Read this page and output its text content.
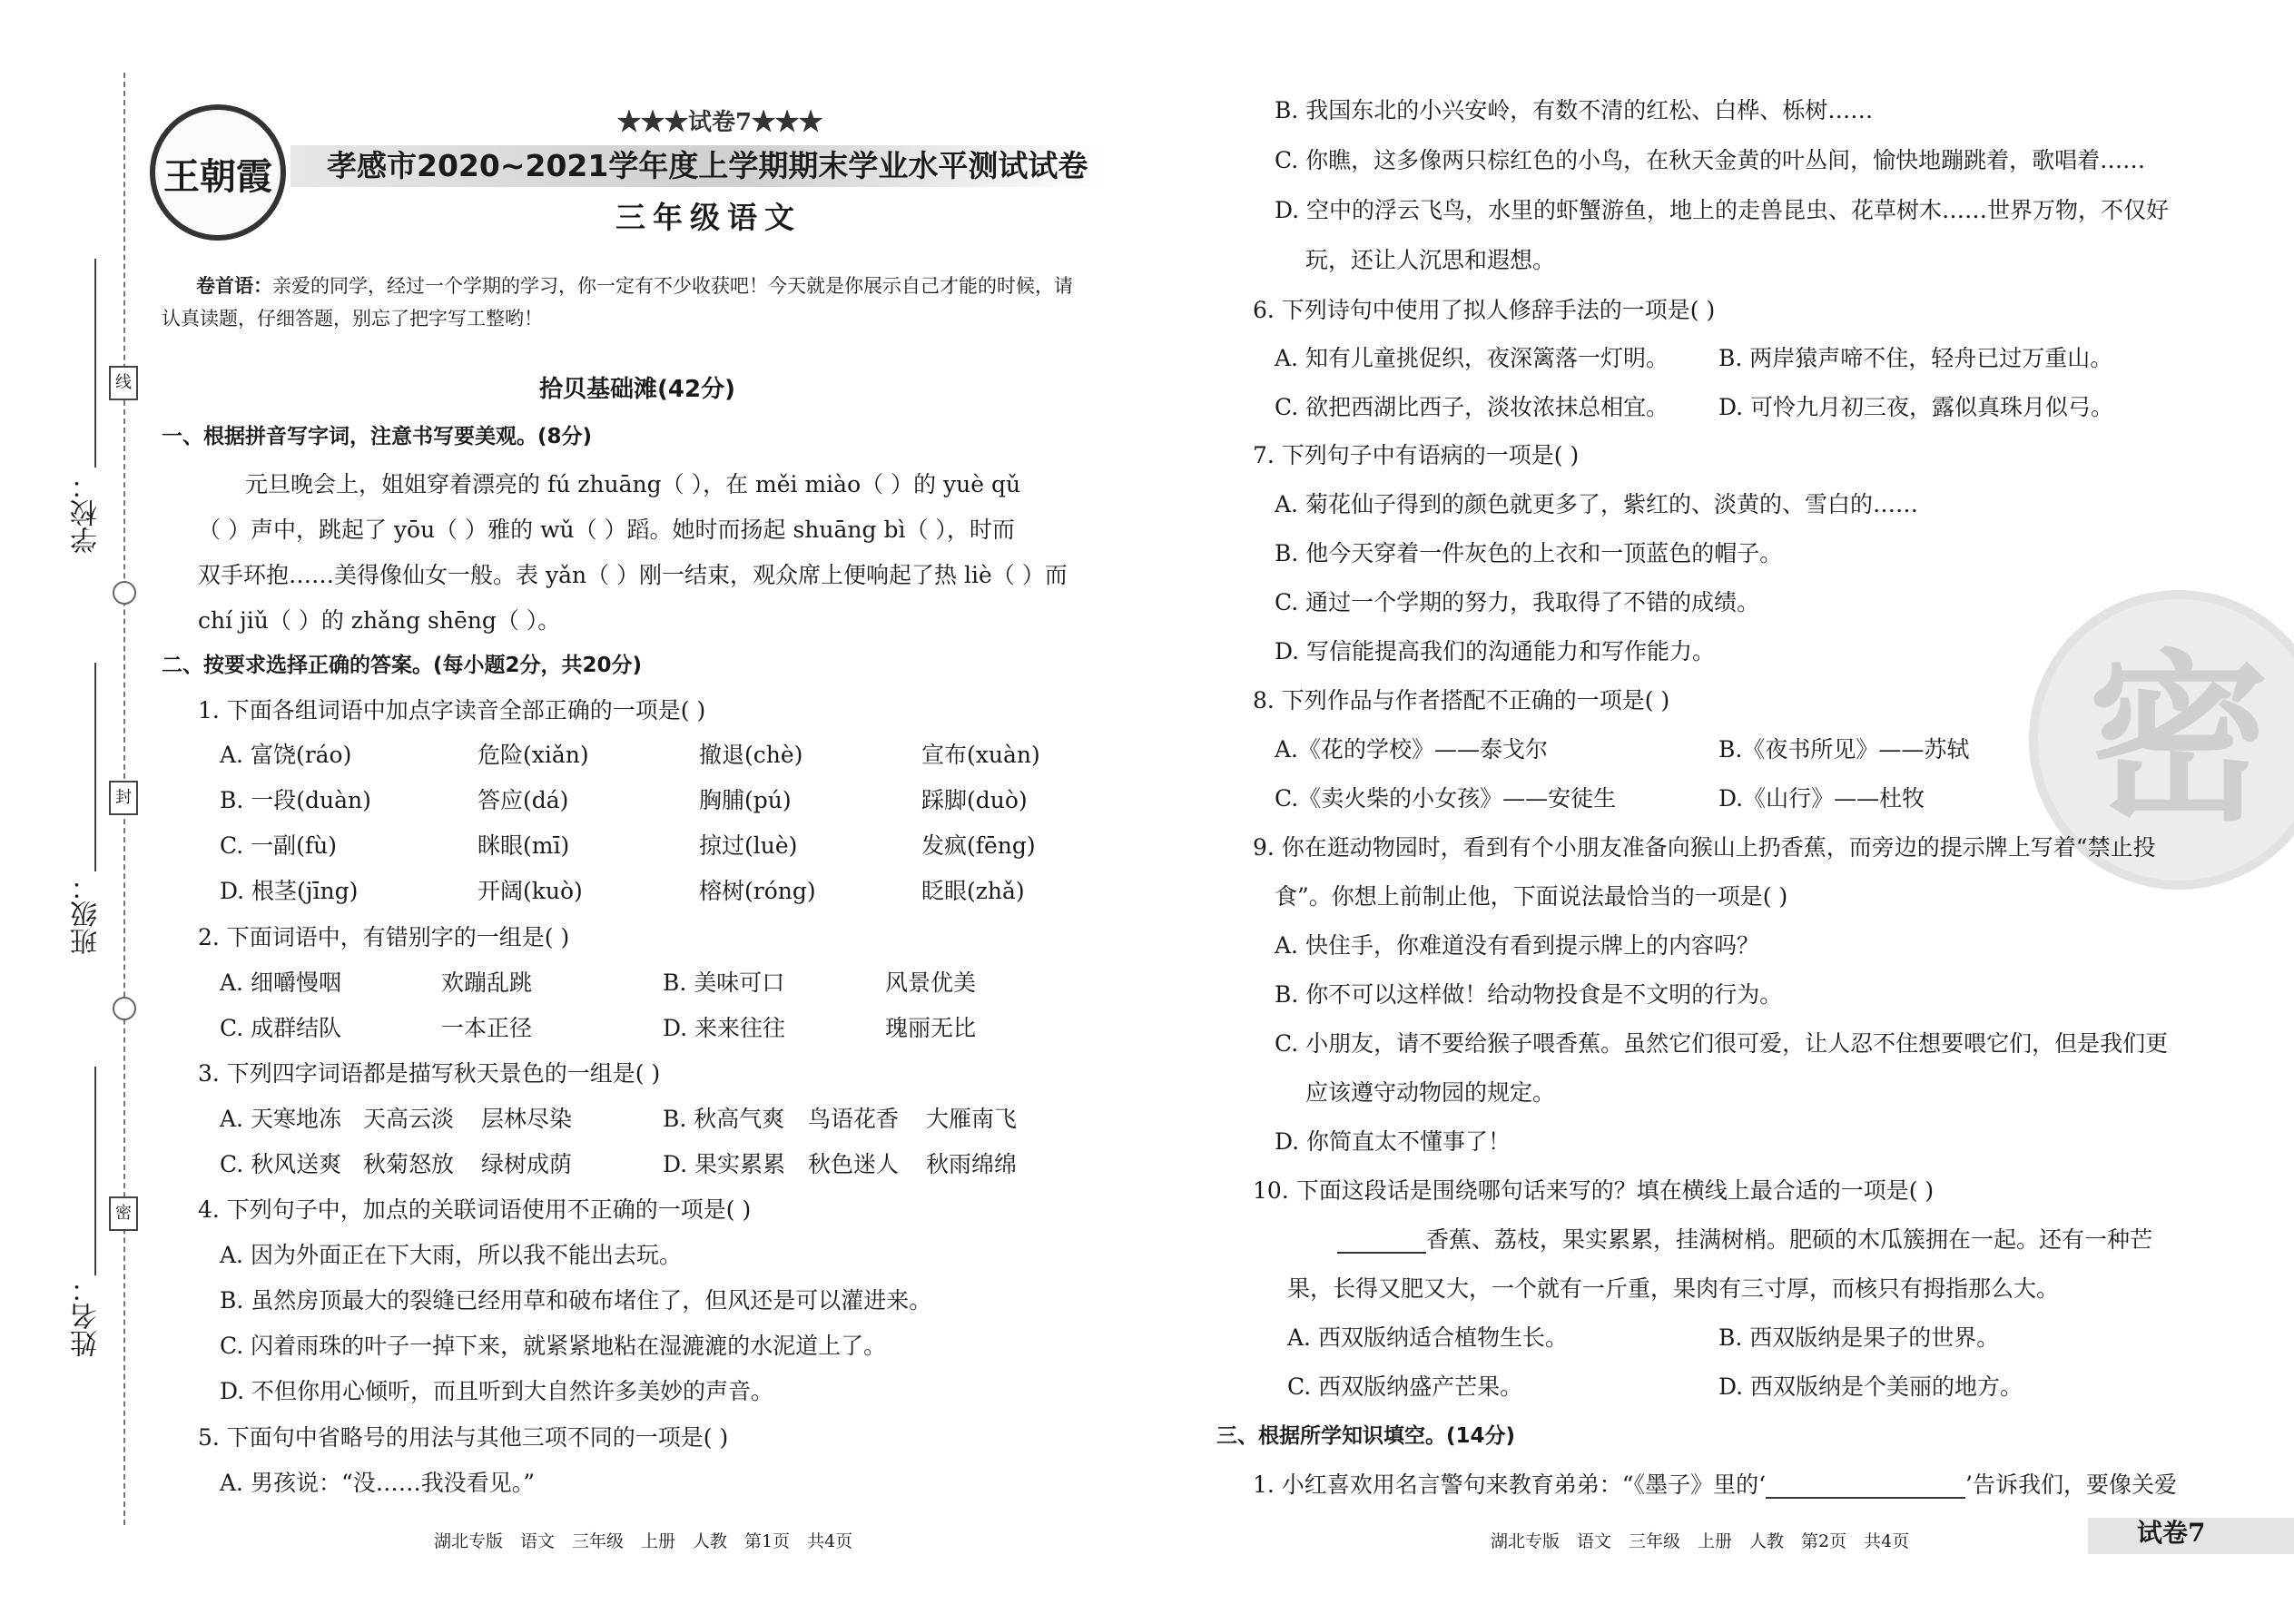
学校：
班级：
姓名：
线
封
密
王朝霞
★★★试卷7★★★
孝感市2020~2021学年度上学期期末学业水平测试试卷
三年级语文
卷首语：亲爱的同学，经过一个学期的学习，你一定有不少收获吧！今天就是你展示自己才能的时候，请
认真读题，仔细答题，别忘了把字写工整哟！
拾贝基础滩(42分)
一、根据拼音写字词，注意书写要美观。(8分)
元旦晚会上，姐姐穿着漂亮的 fú zhuāng（ ），在 měi miào（ ）的 yuè qǔ
（ ）声中，跳起了 yōu（ ）雅的 wǔ（ ）蹈。她时而扬起 shuāng bì（ ），时而
双手环抱……美得像仙女一般。表 yǎn（ ）刚一结束，观众席上便响起了热 liè（ ）而
chí jiǔ（ ）的 zhǎng shēng（ ）。
二、按要求选择正确的答案。(每小题2分，共20分)
1. 下面各组词语中加点字读音全部正确的一项是( )
A. 富饶(ráo)	危险(xiǎn)	撤退(chè)	宣布(xuàn)
B. 一段(duàn)	答应(dá)	胸脯(pú)	踩脚(duò)
C. 一副(fù)	眯眼(mī)	掠过(luè)	发疯(fēng)
D. 根茎(jīng)	开阔(kuò)	榕树(róng)	眨眼(zhǎ)
2. 下面词语中，有错别字的一组是( )
A. 细嚼慢咽	欢蹦乱跳	B. 美味可口	风景优美
C. 成群结队	一本正径	D. 来来往往	瑰丽无比
3. 下列四字词语都是描写秋天景色的一组是( )
A. 天寒地冻 天高云淡 层林尽染	B. 秋高气爽 鸟语花香 大雁南飞
C. 秋风送爽 秋菊怒放 绿树成荫	D. 果实累累 秋色迷人 秋雨绵绵
4. 下列句子中，加点的关联词语使用不正确的一项是( )
A. 因为外面正在下大雨，所以我不能出去玩。
B. 虽然房顶最大的裂缝已经用草和破布堵住了，但风还是可以灌进来。
C. 闪着雨珠的叶子一掉下来，就紧紧地粘在湿漉漉的水泥道上了。
D. 不但你用心倾听，而且听到大自然许多美妙的声音。
5. 下面句中省略号的用法与其他三项不同的一项是( )
A. 男孩说：“没……我没看见。”
湖北专版　语文　三年级　上册　人教　第1页　共4页
密
B. 我国东北的小兴安岭，有数不清的红松、白桦、栎树……
C. 你瞧，这多像两只棕红色的小鸟，在秋天金黄的叶丛间，愉快地蹦跳着，歌唱着……
D. 空中的浮云飞鸟，水里的虾蟹游鱼，地上的走兽昆虫、花草树木……世界万物，不仅好
玩，还让人沉思和遐想。
6. 下列诗句中使用了拟人修辞手法的一项是( )
A. 知有儿童挑促织，夜深篱落一灯明。 B. 两岸猿声啼不住，轻舟已过万重山。
C. 欲把西湖比西子，淡妆浓抹总相宜。 D. 可怜九月初三夜，露似真珠月似弓。
7. 下列句子中有语病的一项是( )
A. 菊花仙子得到的颜色就更多了，紫红的、淡黄的、雪白的……
B. 他今天穿着一件灰色的上衣和一顶蓝色的帽子。
C. 通过一个学期的努力，我取得了不错的成绩。
D. 写信能提高我们的沟通能力和写作能力。
8. 下列作品与作者搭配不正确的一项是( )
A.《花的学校》——泰戈尔	B.《夜书所见》——苏轼
C.《卖火柴的小女孩》——安徒生	D.《山行》——杜牧
9. 你在逛动物园时，看到有个小朋友准备向猴山上扔香蕉，而旁边的提示牌上写着“禁止投
食”。你想上前制止他，下面说法最恰当的一项是( )
A. 快住手，你难道没有看到提示牌上的内容吗？
B. 你不可以这样做！给动物投食是不文明的行为。
C. 小朋友，请不要给猴子喂香蕉。虽然它们很可爱，让人忍不住想要喂它们，但是我们更
应该遵守动物园的规定。
D. 你简直太不懂事了！
10. 下面这段话是围绕哪句话来写的？填在横线上最合适的一项是( )
香蕉、荔枝，果实累累，挂满树梢。肥硕的木瓜簇拥在一起。还有一种芒
果，长得又肥又大，一个就有一斤重，果肉有三寸厚，而核只有拇指那么大。
A. 西双版纳适合植物生长。	B. 西双版纳是果子的世界。
C. 西双版纳盛产芒果。	D. 西双版纳是个美丽的地方。
三、根据所学知识填空。(14分)
1. 小红喜欢用名言警句来教育弟弟：“《墨子》里的‘	’告诉我们，要像关爱
湖北专版　语文　三年级　上册　人教　第2页　共4页	试卷7
